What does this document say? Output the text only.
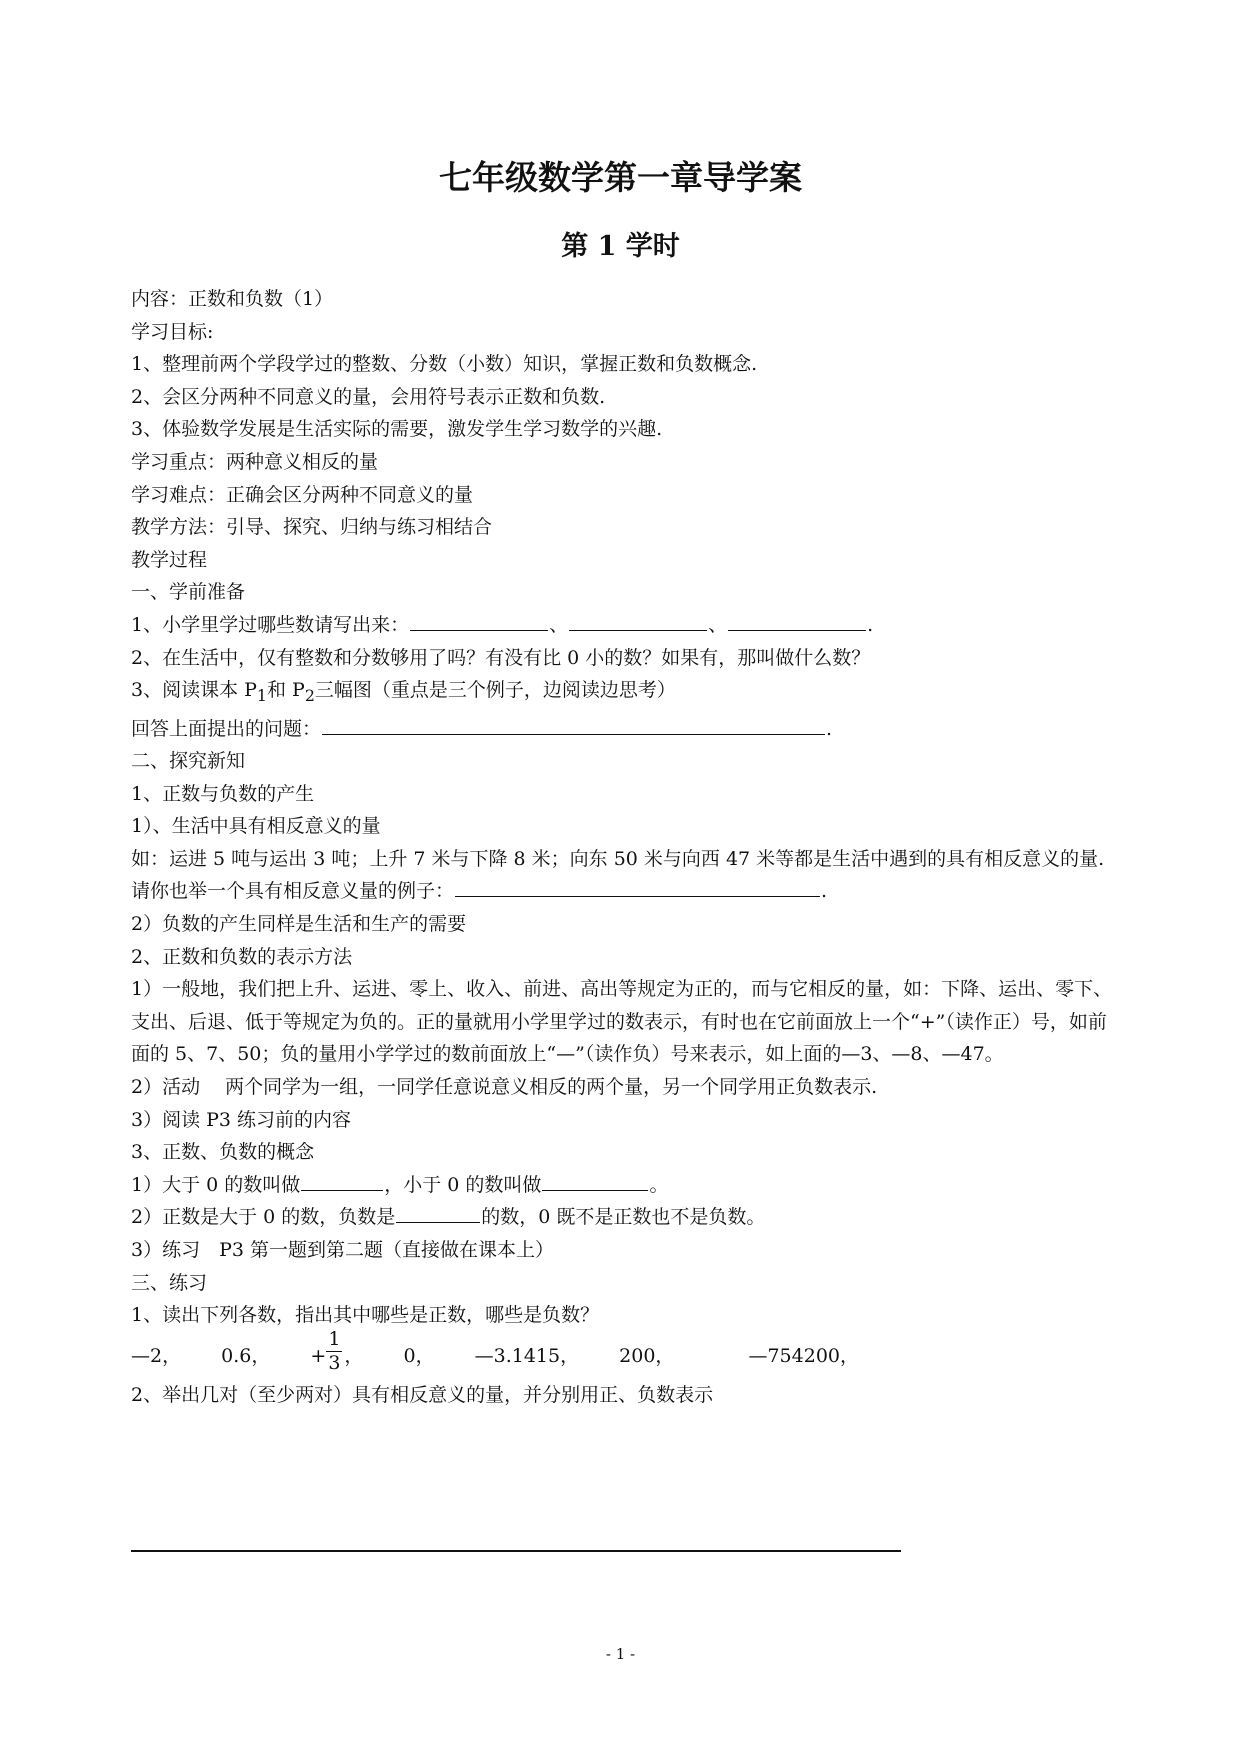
七年级数学第一章导学案
第 1 学时
内容：正数和负数（1）
学习目标:
1、整理前两个学段学过的整数、分数（小数）知识，掌握正数和负数概念.
2、会区分两种不同意义的量，会用符号表示正数和负数.
3、体验数学发展是生活实际的需要，激发学生学习数学的兴趣.
学习重点：两种意义相反的量
学习难点：正确会区分两种不同意义的量
教学方法：引导、探究、归纳与练习相结合
教学过程
一、学前准备
1、小学里学过哪些数请写出来：	、	、	.
2、在生活中，仅有整数和分数够用了吗？有没有比 0 小的数？如果有，那叫做什么数？
3、阅读课本 $P_1$和 $P_2$三幅图（重点是三个例子，边阅读边思考）
回答上面提出的问题：	.
二、探究新知
1、正数与负数的产生
1）、生活中具有相反意义的量
如：运进 5 吨与运出 3 吨；上升 7 米与下降 8 米；向东 50 米与向西 47 米等都是生活中遇到的具有相反意义的量.
请你也举一个具有相反意义量的例子：	.
2）负数的产生同样是生活和生产的需要
2、正数和负数的表示方法
1）一般地，我们把上升、运进、零上、收入、前进、高出等规定为正的，而与它相反的量，如：下降、运出、零下、支出、后退、低于等规定为负的。正的量就用小学里学过的数表示，有时也在它前面放上一个“+”（读作正）号，如前面的 5、7、50；负的量用小学学过的数前面放上“—”（读作负）号来表示，如上面的—3、—8、—47。
2）活动　 两个同学为一组，一同学任意说意义相反的两个量，另一个同学用正负数表示.
3）阅读 P3 练习前的内容
3、正数、负数的概念
1）大于 0 的数叫做	，小于 0 的数叫做	。
2）正数是大于 0 的数，负数是	的数，0 既不是正数也不是负数。
3）练习　P3 第一题到第二题（直接做在课本上）
三、练习
1、读出下列各数，指出其中哪些是正数，哪些是负数？
—2， 0.6， + $\frac{1}{3}$ ， 0， —3.1415， 200，	—754200，
2、举出几对（至少两对）具有相反意义的量，并分别用正、负数表示
- 1 -
